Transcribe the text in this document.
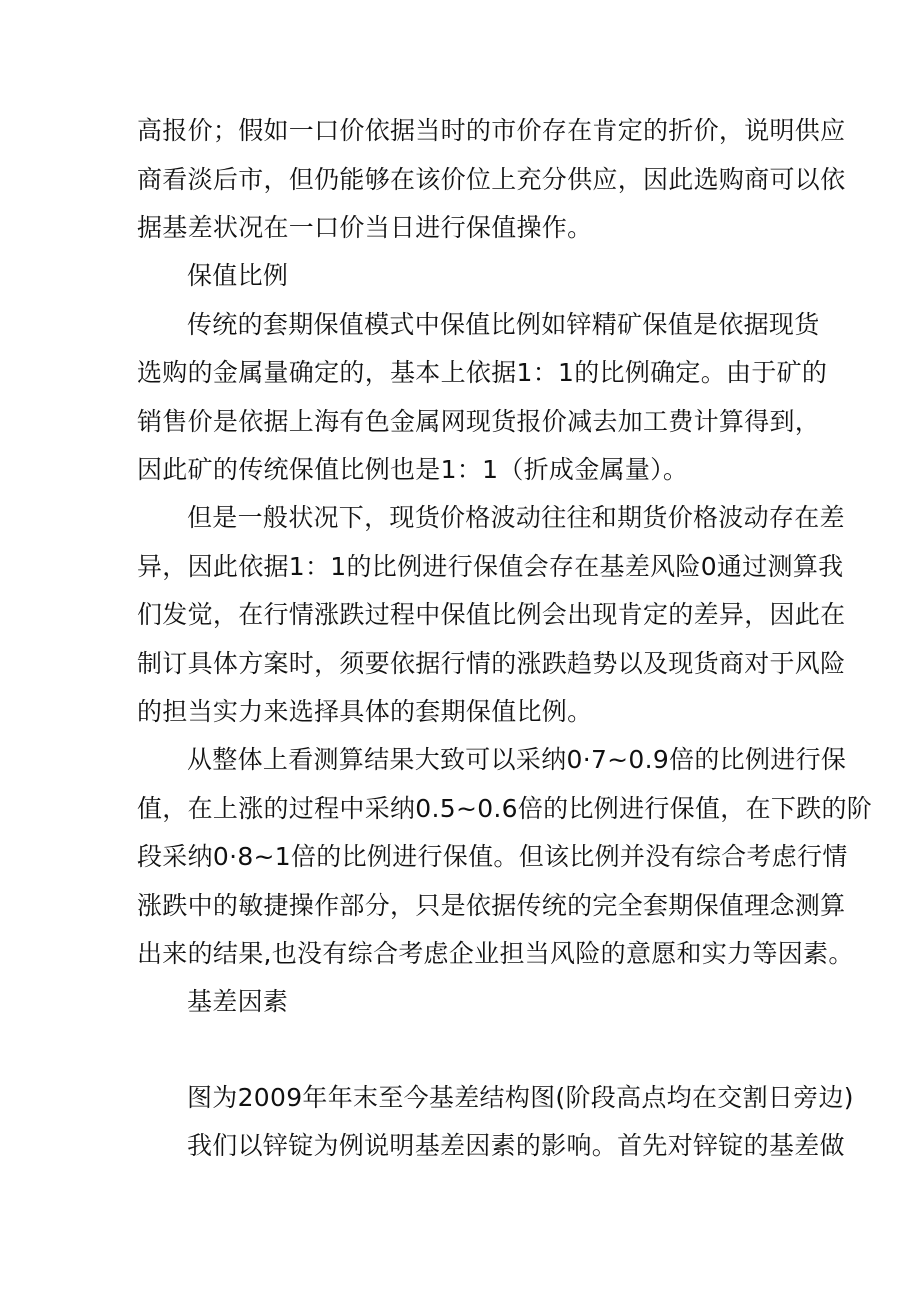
高报价；假如一口价依据当时的市价存在肯定的折价，说明供应
商看淡后市，但仍能够在该价位上充分供应，因此选购商可以依
据基差状况在一口价当日进行保值操作。
保值比例
传统的套期保值模式中保值比例如锌精矿保值是依据现货
选购的金属量确定的，基本上依据1：1的比例确定。由于矿的
销售价是依据上海有色金属网现货报价减去加工费计算得到，
因此矿的传统保值比例也是1：1（折成金属量）。
但是一般状况下，现货价格波动往往和期货价格波动存在差
异，因此依据1：1的比例进行保值会存在基差风险0通过测算我
们发觉，在行情涨跌过程中保值比例会出现肯定的差异，因此在
制订具体方案时，须要依据行情的涨跌趋势以及现货商对于风险
的担当实力来选择具体的套期保值比例。
从整体上看测算结果大致可以采纳0·7~0.9倍的比例进行保
值，在上涨的过程中采纳0.5~0.6倍的比例进行保值，在下跌的阶
段采纳0·8~1倍的比例进行保值。但该比例并没有综合考虑行情
涨跌中的敏捷操作部分，只是依据传统的完全套期保值理念测算
出来的结果,也没有综合考虑企业担当风险的意愿和实力等因素。
基差因素
图为2009年年末至今基差结构图(阶段高点均在交割日旁边)
我们以锌锭为例说明基差因素的影响。首先对锌锭的基差做
